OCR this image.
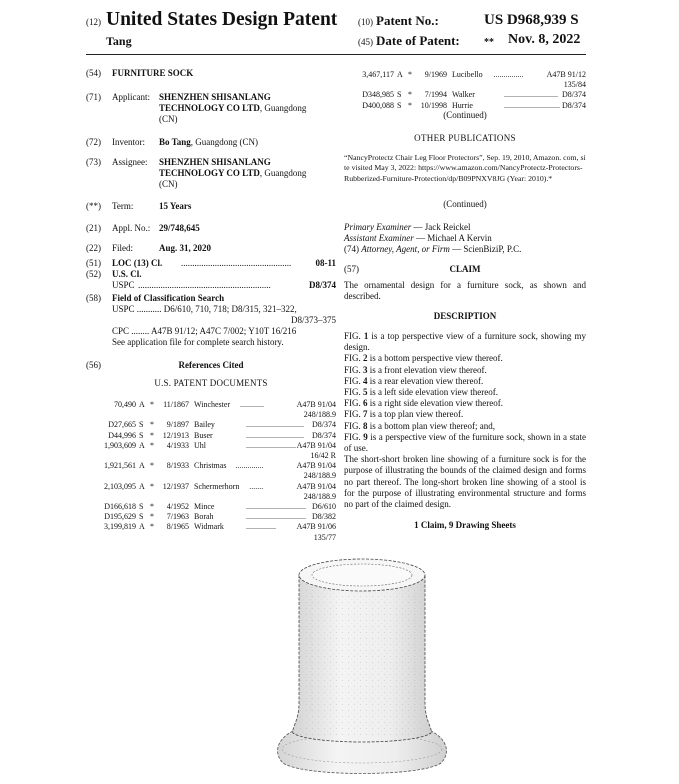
(12) United States Design Patent
Tang
(10) Patent No.:	US D968,939 S
(45) Date of Patent: ** Nov. 8, 2022
(54) FURNITURE SOCK
(71) Applicant: SHENZHEN SHISANLANG
TECHNOLOGY CO LTD, Guangdong
(CN)
(72) Inventor: Bo Tang, Guangdong (CN)
(73) Assignee: SHENZHEN SHISANLANG
TECHNOLOGY CO LTD, Guangdong
(CN)
(**) Term:	15 Years
(21) Appl. No.: 29/748,645
(22) Filed:	Aug. 31, 2020
(51) LOC (13) Cl. .................................................	08-11
(52) U.S. Cl.
USPC ...........................................................	D8/374
(58) Field of Classification Search
USPC ........... D6/610, 710, 718; D8/315, 321–322,
D8/373–375
CPC ........ A47B 91/12; A47C 7/002; Y10T 16/216
See application file for complete search history.
(56)	References Cited
U.S. PATENT DOCUMENTS
70,490 A * 11/1867 Winchester ............	A47B 91/04
248/188.9
D27,665 S * 9/1897 Bailey	............................. D8/374
D44,996 S * 12/1913 Buser	............................. D8/374
1,903,609 A * 4/1933 Uhl	......................... A47B 91/04
16/42 R
1,921,561 A * 8/1933 Christmas ..............	A47B 91/04
248/188.9
2,103,095 A * 12/1937 Schermerhorn .......	A47B 91/04
248/188.9
D166,618 S * 4/1952 Mince	.............................. D6/610
D195,629 S * 7/1963 Borah	.............................. D8/382
3,199,819 A * 8/1965 Widmark	...............	A47B 91/06
135/77
3,467,117 A * 9/1969 Lucibello ...............	A47B 91/12
135/84
D348,985 S * 7/1994 Walker	........................... D8/374
D400,088 S * 10/1998 Hurrie	............................ D8/374
(Continued)
OTHER PUBLICATIONS
“NancyProtectz Chair Leg Floor Protectors”, Sep. 19, 2010, Amazon. com, site visited May 3, 2022: https://www.amazon.com/NancyProtectz-Protectors-Rubberized-Furniture-Protection/dp/B09PNXV8JG (Year: 2010).*
(Continued)
Primary Examiner — Jack Reickel
Assistant Examiner — Michael A Kervin
(74) Attorney, Agent, or Firm — ScienBiziP, P.C.
(57)	CLAIM
The ornamental design for a furniture sock, as shown and described.
DESCRIPTION

FIG. 1 is a top perspective view of a furniture sock, showing my design.

FIG. 2 is a bottom perspective view thereof.

FIG. 3 is a front elevation view thereof.

FIG. 4 is a rear elevation view thereof.

FIG. 5 is a left side elevation view thereof.

FIG. 6 is a right side elevation view thereof.

FIG. 7 is a top plan view thereof.

FIG. 8 is a bottom plan view thereof; and,

FIG. 9 is a perspective view of the furniture sock, shown in a state of use.

The short-short broken line showing of a furniture sock is for the purpose of illustrating the bounds of the claimed design and forms no part thereof. The long-short broken line showing of a stool is for the purpose of illustrating environmental structure and forms no part of the claimed design.

1 Claim, 9 Drawing Sheets
